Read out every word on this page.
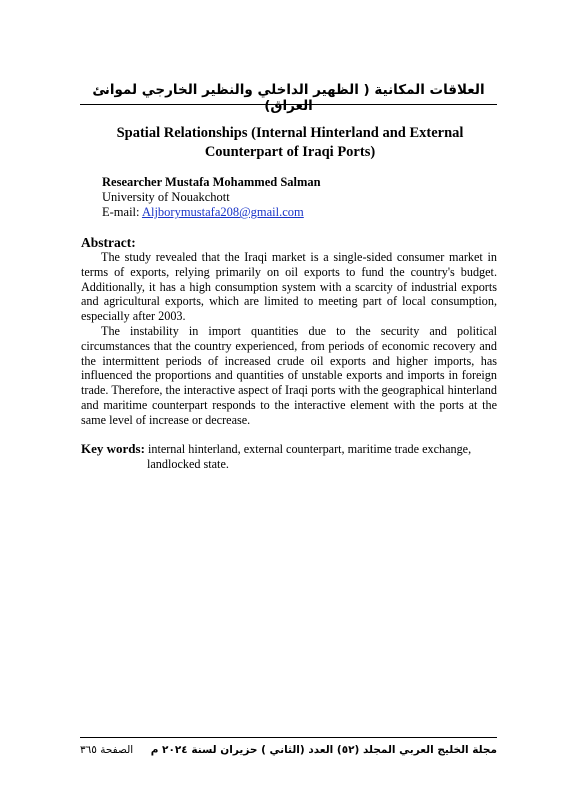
العلاقات المكانية ( الظهير الداخلي والنظير الخارجي لموانئ العراق)
Spatial Relationships (Internal Hinterland and External Counterpart of Iraqi Ports)
Researcher Mustafa Mohammed Salman
University of Nouakchott
E-mail: Aljborymustafa208@gmail.com
Abstract:

The study revealed that the Iraqi market is a single-sided consumer market in terms of exports, relying primarily on oil exports to fund the country's budget. Additionally, it has a high consumption system with a scarcity of industrial exports and agricultural exports, which are limited to meeting part of local consumption, especially after 2003.

The instability in import quantities due to the security and political circumstances that the country experienced, from periods of economic recovery and the intermittent periods of increased crude oil exports and higher imports, has influenced the proportions and quantities of unstable exports and imports in foreign trade. Therefore, the interactive aspect of Iraqi ports with the geographical hinterland and maritime counterpart responds to the interactive element with the ports at the same level of increase or decrease.

Key words: internal hinterland, external counterpart, maritime trade exchange,
landlocked state.
مجلة الخليج العربي المجلد (٥٢) العدد (الثاني ) حزيران لسنة ٢٠٢٤ م
الصفحة ٣٦٥
